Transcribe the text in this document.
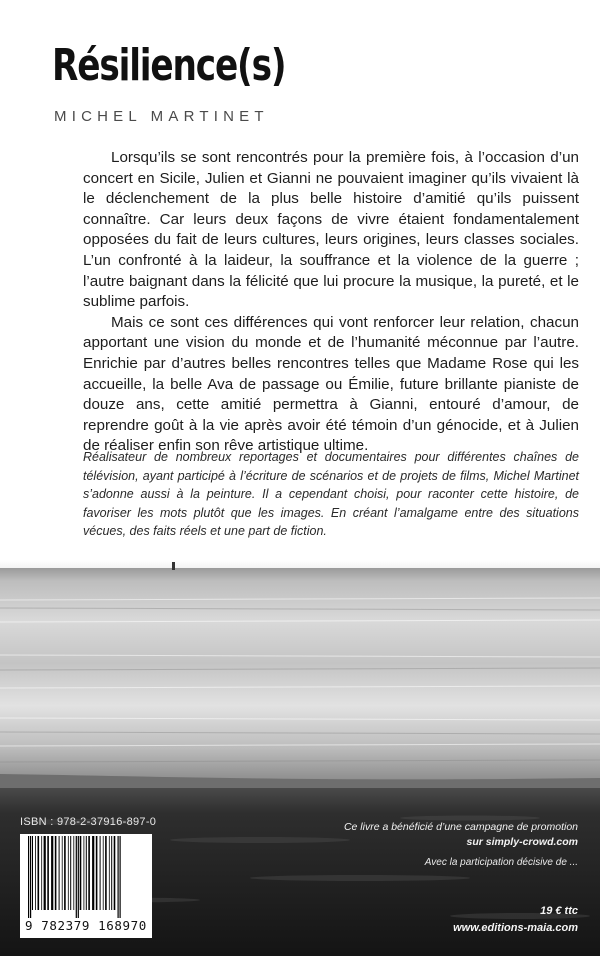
Résilience(s)
MICHEL MARTINET

Lorsqu’ils se sont rencontrés pour la première fois, à l’occasion d’un concert en Sicile, Julien et Gianni ne pouvaient imaginer qu’ils vivaient là le déclenchement de la plus belle histoire d’amitié qu’ils puissent connaître. Car leurs deux façons de vivre étaient fondamentalement opposées du fait de leurs cultures, leurs origines, leurs classes sociales. L’un confronté à la laideur, la souffrance et la violence de la guerre ; l’autre baignant dans la félicité que lui procure la musique, la pureté, et le sublime parfois.

Mais ce sont ces différences qui vont renforcer leur relation, chacun apportant une vision du monde et de l’humanité méconnue par l’autre. Enrichie par d’autres belles rencontres telles que Madame Rose qui les accueille, la belle Ava de passage ou Émilie, future brillante pianiste de douze ans, cette amitié permettra à Gianni, entouré d’amour, de reprendre goût à la vie après avoir été témoin d’un génocide, et à Julien de réaliser enfin son rêve artistique ultime.

Réalisateur de nombreux reportages et documentaires pour différentes chaînes de télévision, ayant participé à l’écriture de scénarios et de projets de films, Michel Martinet s’adonne aussi à la peinture. Il a cependant choisi, pour raconter cette histoire, de favoriser les mots plutôt que les images. En créant l’amalgame entre des situations vécues, des faits réels et une part de fiction.

ISBN : 978-2-37916-897-0
9 782379 168970
Ce livre a bénéficié d’une campagne de promotion
sur simply-crowd.com
Avec la participation décisive de ...
19 € ttc
www.editions-maia.com
